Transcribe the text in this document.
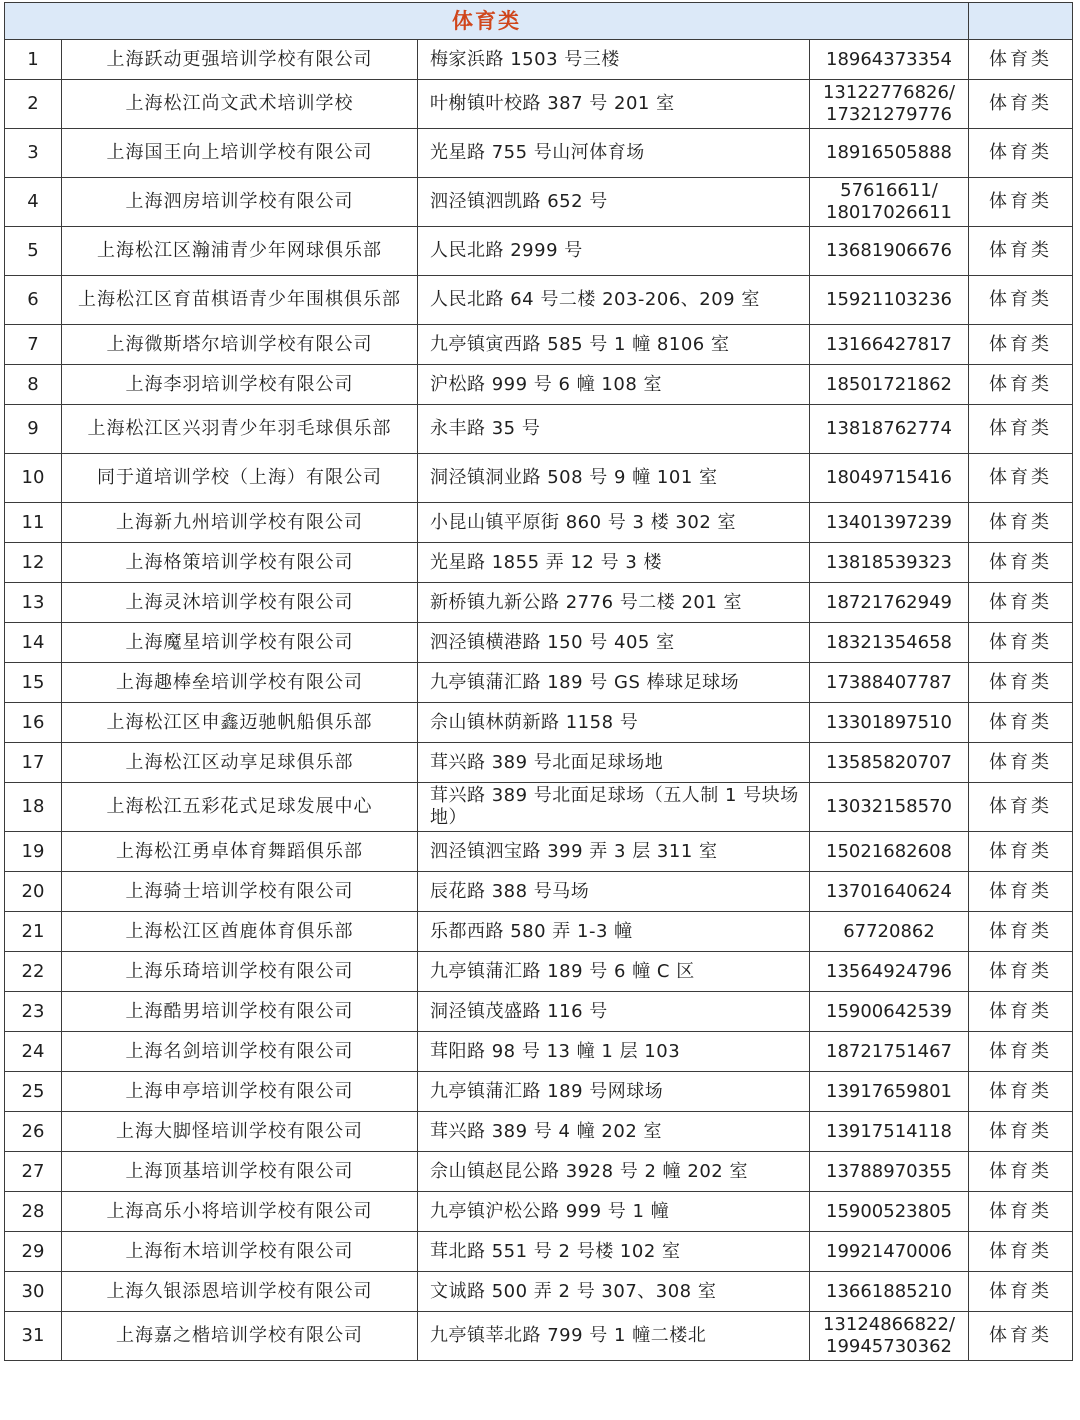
体育类				
1	上海跃动更强培训学校有限公司	梅家浜路 1503 号三楼	18964373354	体育类
2	上海松江尚文武术培训学校	叶榭镇叶校路 387 号 201 室	13122776826/ 17321279776	体育类
3	上海国王向上培训学校有限公司	光星路 755 号山河体育场	18916505888	体育类
4	上海泗房培训学校有限公司	泗泾镇泗凯路 652 号	57616611/ 18017026611	体育类
5	上海松江区瀚浦青少年网球俱乐部	人民北路 2999 号	13681906676	体育类
6	上海松江区育苗棋语青少年围棋俱乐部	人民北路 64 号二楼 203-206、209 室	15921103236	体育类
7	上海微斯塔尔培训学校有限公司	九亭镇寅西路 585 号 1 幢 8106 室	13166427817	体育类
8	上海李羽培训学校有限公司	沪松路 999 号 6 幢 108 室	18501721862	体育类
9	上海松江区兴羽青少年羽毛球俱乐部	永丰路 35 号	13818762774	体育类
10	同于道培训学校（上海）有限公司	洞泾镇洞业路 508 号 9 幢 101 室	18049715416	体育类
11	上海新九州培训学校有限公司	小昆山镇平原街 860 号 3 楼 302 室	13401397239	体育类
12	上海格策培训学校有限公司	光星路 1855 弄 12 号 3 楼	13818539323	体育类
13	上海灵沐培训学校有限公司	新桥镇九新公路 2776 号二楼 201 室	18721762949	体育类
14	上海魔星培训学校有限公司	泗泾镇横港路 150 号 405 室	18321354658	体育类
15	上海趣棒垒培训学校有限公司	九亭镇蒲汇路 189 号 GS 棒球足球场	17388407787	体育类
16	上海松江区申鑫迈驰帆船俱乐部	佘山镇林荫新路 1158 号	13301897510	体育类
17	上海松江区动享足球俱乐部	茸兴路 389 号北面足球场地	13585820707	体育类
18	上海松江五彩花式足球发展中心	茸兴路 389 号北面足球场（五人制 1 号块场地）	13032158570	体育类
19	上海松江勇卓体育舞蹈俱乐部	泗泾镇泗宝路 399 弄 3 层 311 室	15021682608	体育类
20	上海骑士培训学校有限公司	辰花路 388 号马场	13701640624	体育类
21	上海松江区酋鹿体育俱乐部	乐都西路 580 弄 1-3 幢	67720862	体育类
22	上海乐琦培训学校有限公司	九亭镇蒲汇路 189 号 6 幢 C 区	13564924796	体育类
23	上海酷男培训学校有限公司	洞泾镇茂盛路 116 号	15900642539	体育类
24	上海名剑培训学校有限公司	茸阳路 98 号 13 幢 1 层 103	18721751467	体育类
25	上海申亭培训学校有限公司	九亭镇蒲汇路 189 号网球场	13917659801	体育类
26	上海大脚怪培训学校有限公司	茸兴路 389 号 4 幢 202 室	13917514118	体育类
27	上海顶基培训学校有限公司	佘山镇赵昆公路 3928 号 2 幢 202 室	13788970355	体育类
28	上海高乐小将培训学校有限公司	九亭镇沪松公路 999 号 1 幢	15900523805	体育类
29	上海衔木培训学校有限公司	茸北路 551 号 2 号楼 102 室	19921470006	体育类
30	上海久银添恩培训学校有限公司	文诚路 500 弄 2 号 307、308 室	13661885210	体育类
31	上海嘉之楷培训学校有限公司	九亭镇莘北路 799 号 1 幢二楼北	13124866822/ 19945730362	体育类
